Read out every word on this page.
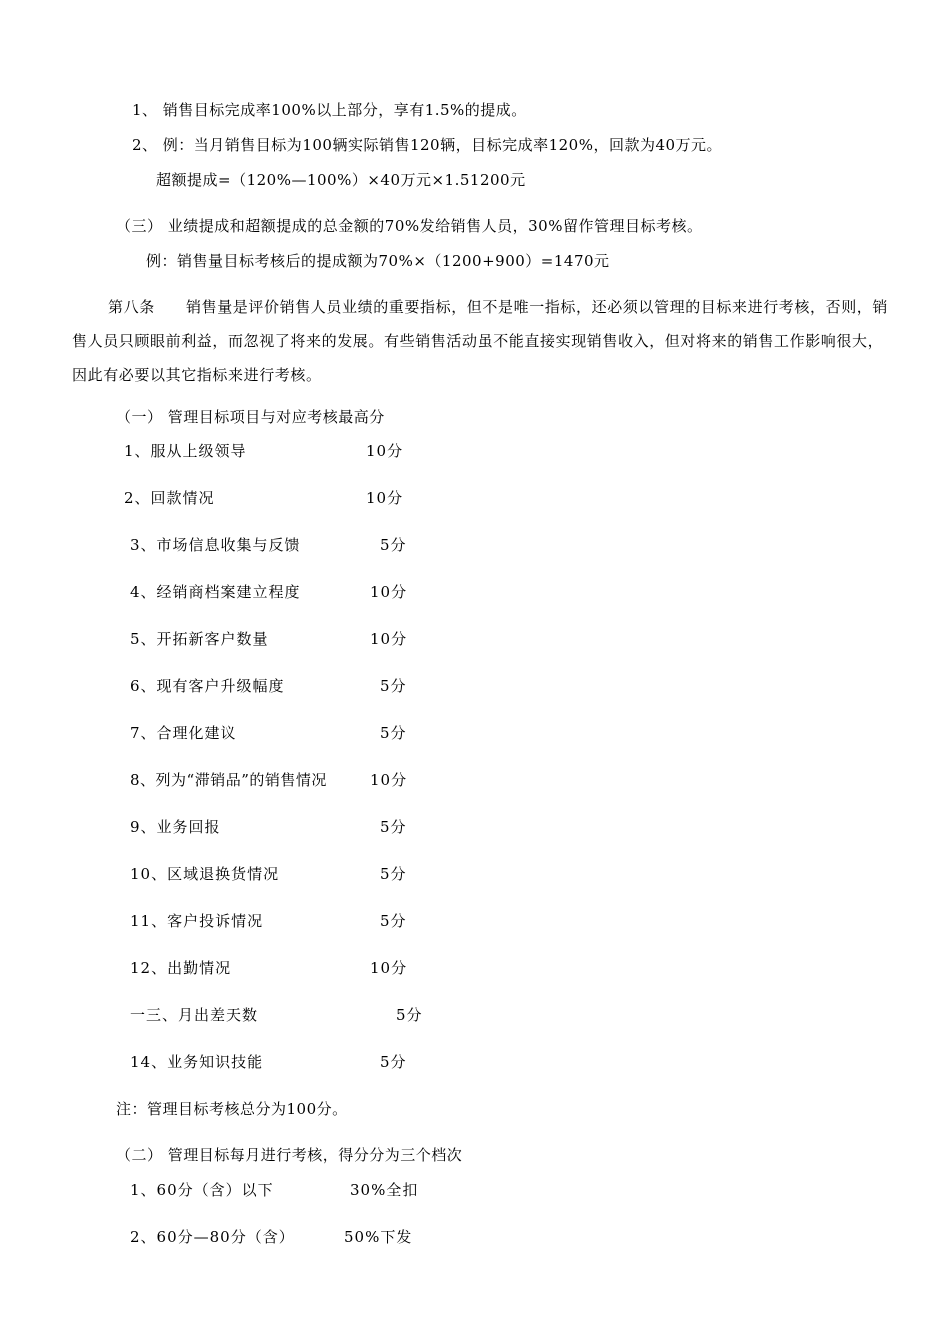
1、 销售目标完成率100%以上部分，享有1.5%的提成。
2、 例：当月销售目标为100辆实际销售120辆，目标完成率120%，回款为40万元。
超额提成=（120%—100%）×40万元×1.51200元
（三） 业绩提成和超额提成的总金额的70%发给销售人员，30%留作管理目标考核。
例：销售量目标考核后的提成额为70%×（1200+900）=1470元
第八条　　销售量是评价销售人员业绩的重要指标，但不是唯一指标，还必须以管理的目标来进行考核，否则，销售人员只顾眼前利益，而忽视了将来的发展。有些销售活动虽不能直接实现销售收入，但对将来的销售工作影响很大，因此有必要以其它指标来进行考核。
（一） 管理目标项目与对应考核最高分
1、服从上级领导	10分
2、回款情况	10分
3、市场信息收集与反馈	5分
4、经销商档案建立程度	10分
5、开拓新客户数量	10分
6、现有客户升级幅度	5分
7、合理化建议	5分
8、列为“滞销品”的销售情况	10分
9、业务回报	5分
10、区域退换货情况	5分
11、客户投诉情况	5分
12、出勤情况	10分
一三、月出差天数	5分
14、业务知识技能	5分
注：管理目标考核总分为100分。
（二） 管理目标每月进行考核，得分分为三个档次
1、60分（含）以下	30%全扣
2、60分—80分（含）	50%下发
